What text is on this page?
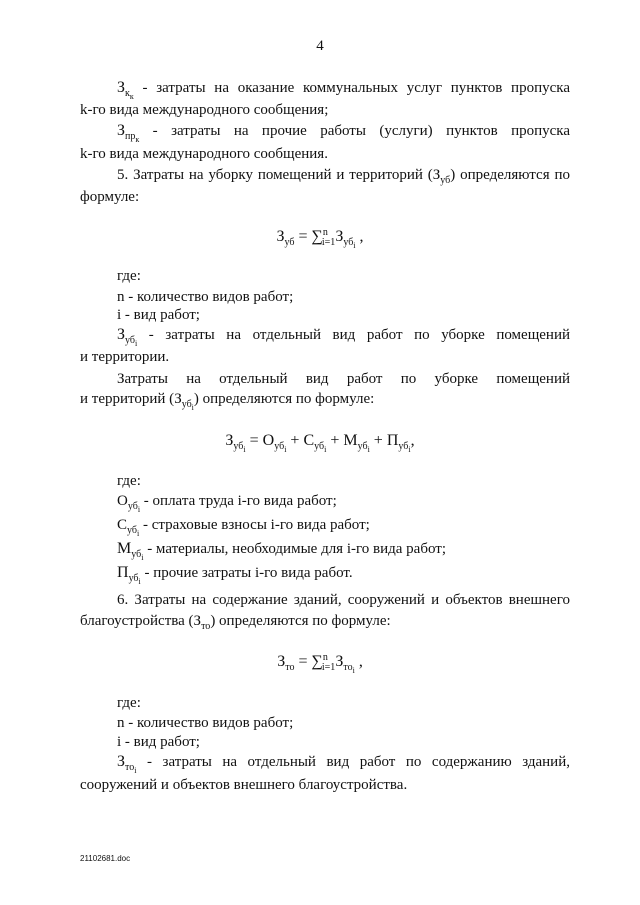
4
$З_{к_к}$ - затраты на оказание коммунальных услуг пунктов пропуска
k-го вида международного сообщения;
$З_{пр_к}$ - затраты на прочие работы (услуги) пунктов пропуска
k-го вида международного сообщения.
5. Затраты на уборку помещений и территорий $(З_{уб})$ определяются по
формуле:
$З_{уб} = \sum^n_{i=1}З_{уб_i}$ ,
где:
n - количество видов работ;
i - вид работ;
$З_{уб_i}$ - затраты на отдельный вид работ по уборке помещений
и территории.
Затраты на отдельный вид работ по уборке помещений
и территорий $(З_{уб_i})$ определяются по формуле:
$З_{уб_i} = О_{уб_i} + С_{уб_i} + М_{уб_i} + П_{уб_i}$,
где:
$О_{уб_i}$ - оплата труда i-го вида работ;
$С_{уб_i}$ - страховые взносы i-го вида работ;
$М_{уб_i}$ - материалы, необходимые для i-го вида работ;
$П_{уб_i}$ - прочие затраты i-го вида работ.
6. Затраты на содержание зданий, сооружений и объектов внешнего
благоустройства $(З_{то})$ определяются по формуле:
$З_{то} = \sum^n_{i=1}З_{то_i}$ ,
где:
n - количество видов работ;
i - вид работ;
$З_{то_i}$ - затраты на отдельный вид работ по содержанию зданий,
сооружений и объектов внешнего благоустройства.
21102681.doc
